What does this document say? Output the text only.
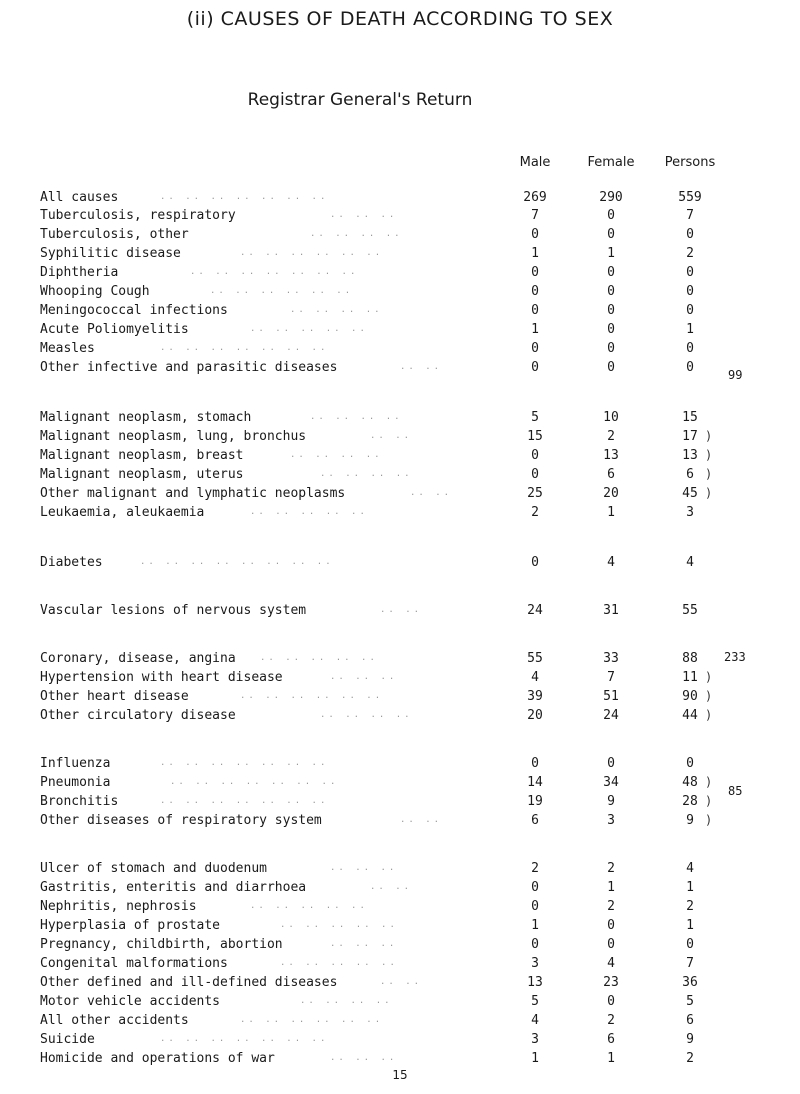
(ii) CAUSES OF DEATH ACCORDING TO SEX
Registrar General's Return
Male	Female Persons
All causes	.. .. .. .. .. .. ..	269	290	559
Tuberculosis, respiratory	.. .. ..	7	0	7
Tuberculosis, other	.. .. .. ..	0	0	0
Syphilitic disease	.. .. .. .. .. ..	1	1	2
Diphtheria	.. .. .. .. .. .. ..	0	0	0
Whooping Cough	.. .. .. .. .. ..	0	0	0
Meningococcal infections	.. .. .. ..	0	0	0
Acute Poliomyelitis	.. .. .. .. ..	1	0	1
Measles	.. .. .. .. .. .. ..	0	0	0
Other infective and parasitic diseases	.. ..	0	0	0
Malignant neoplasm, stomach	.. .. .. ..	5	10	15
Malignant neoplasm, lung, bronchus	.. ..	15	2	17 )
Malignant neoplasm, breast	.. .. .. ..	0	13	13 )
Malignant neoplasm, uterus	.. .. .. ..	0	6	6 )
Other malignant and lymphatic neoplasms	.. ..	25	20	45 )
Leukaemia, aleukaemia	.. .. .. .. ..	2	1	3
Diabetes	.. .. .. .. .. .. .. ..	0	4	4
Vascular lesions of nervous system	.. ..	24	31	55
Coronary, disease, angina	.. .. .. .. ..	55	33	88
Hypertension with heart disease	.. .. ..	4	7	11 )
Other heart disease	.. .. .. .. .. ..	39	51	90 )
Other circulatory disease	.. .. .. ..	20	24	44 )
Influenza	.. .. .. .. .. .. ..	0	0	0
Pneumonia	.. .. .. .. .. .. ..	14	34	48 )
Bronchitis	.. .. .. .. .. .. ..	19	9	28 )
Other diseases of respiratory system	.. ..	6	3	9 )
Ulcer of stomach and duodenum	.. .. ..	2	2	4
Gastritis, enteritis and diarrhoea	.. ..	0	1	1
Nephritis, nephrosis	.. .. .. .. ..	0	2	2
Hyperplasia of prostate	.. .. .. .. ..	1	0	1
Pregnancy, childbirth, abortion	.. .. ..	0	0	0
Congenital malformations	.. .. .. .. ..	3	4	7
Other defined and ill-defined diseases	.. ..	13	23	36
Motor vehicle accidents	.. .. .. ..	5	0	5
All other accidents	.. .. .. .. .. ..	4	2	6
Suicide	.. .. .. .. .. .. ..	3	6	9
Homicide and operations of war	.. .. ..	1	1	2
99
233
85
15
